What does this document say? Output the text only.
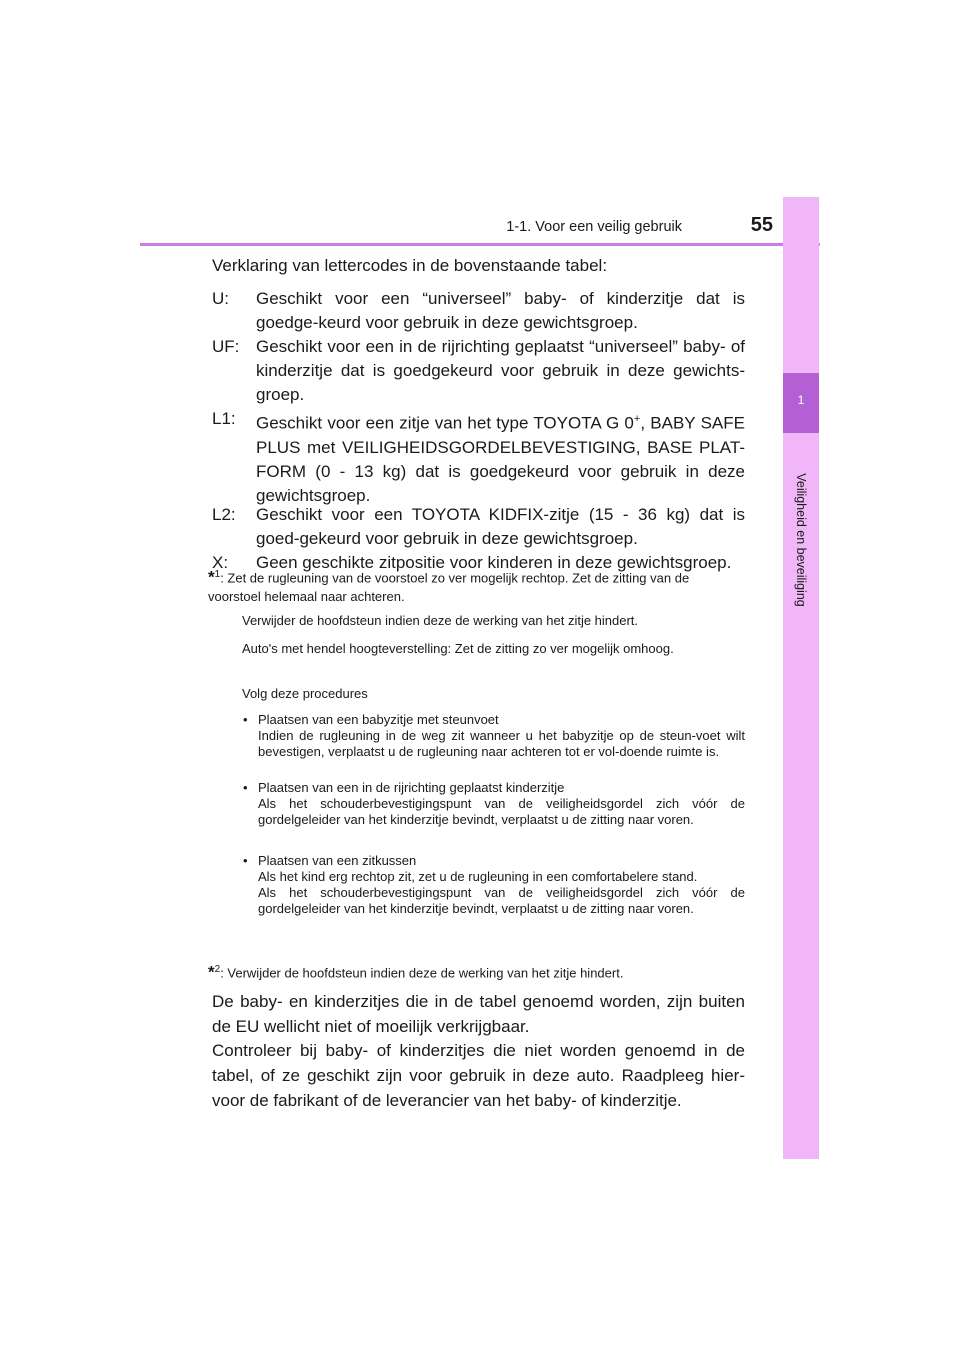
1-1. Voor een veilig gebruik	55
1
Veiligheid en beveiliging
Verklaring van lettercodes in de bovenstaande tabel:
U: Geschikt voor een “universeel” baby- of kinderzitje dat is goedge-keurd voor gebruik in deze gewichtsgroep.
UF: Geschikt voor een in de rijrichting geplaatst “universeel” baby- of kinderzitje dat is goedgekeurd voor gebruik in deze gewichts-groep.
L1: Geschikt voor een zitje van het type TOYOTA G 0+, BABY SAFE PLUS met VEILIGHEIDSGORDELBEVESTIGING, BASE PLAT-FORM (0 - 13 kg) dat is goedgekeurd voor gebruik in deze gewichtsgroep.
L2: Geschikt voor een TOYOTA KIDFIX-zitje (15 - 36 kg) dat is goed-gekeurd voor gebruik in deze gewichtsgroep.
X: Geen geschikte zitpositie voor kinderen in deze gewichtsgroep.
*$^1$: Zet de rugleuning van de voorstoel zo ver mogelijk rechtop. Zet de zitting van de voorstoel helemaal naar achteren.
Verwijder de hoofdsteun indien deze de werking van het zitje hindert.
Auto's met hendel hoogteverstelling: Zet de zitting zo ver mogelijk omhoog.
Volg deze procedures
• Plaatsen van een babyzitje met steunvoet
Indien de rugleuning in de weg zit wanneer u het babyzitje op de steun-voet wilt bevestigen, verplaatst u de rugleuning naar achteren tot er vol-doende ruimte is.
• Plaatsen van een in de rijrichting geplaatst kinderzitje
Als het schouderbevestigingspunt van de veiligheidsgordel zich vóór de gordelgeleider van het kinderzitje bevindt, verplaatst u de zitting naar voren.
• Plaatsen van een zitkussen
Als het kind erg rechtop zit, zet u de rugleuning in een comfortabelere stand.
Als het schouderbevestigingspunt van de veiligheidsgordel zich vóór de gordelgeleider van het kinderzitje bevindt, verplaatst u de zitting naar voren.
*$^2$: Verwijder de hoofdsteun indien deze de werking van het zitje hindert.
De baby- en kinderzitjes die in de tabel genoemd worden, zijn buiten de EU wellicht niet of moeilijk verkrijgbaar.
Controleer bij baby- of kinderzitjes die niet worden genoemd in de tabel, of ze geschikt zijn voor gebruik in deze auto. Raadpleeg hier-voor de fabrikant of de leverancier van het baby- of kinderzitje.
